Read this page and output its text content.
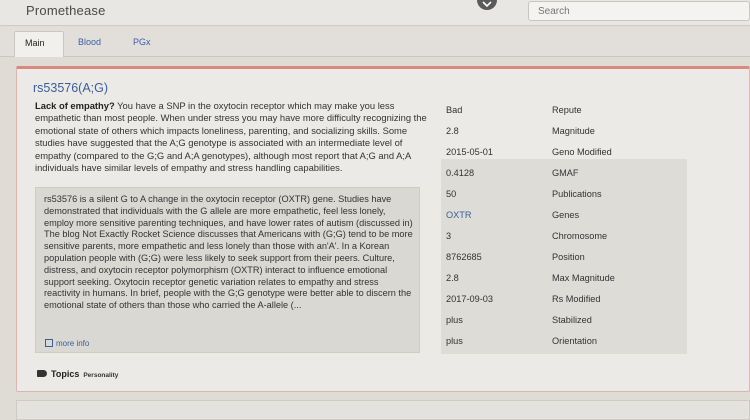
Promethease
Search
Main	Blood	PGx
rs53576(A;G)
Lack of empathy? You have a SNP in the oxytocin receptor which may make you less empathetic than most people. When under stress you may have more difficulty recognizing the emotional state of others which impacts loneliness, parenting, and socializing skills. Some studies have suggested that the A;G genotype is associated with an intermediate level of empathy (compared to the G;G and A;A genotypes), although most report that A;G and A;A individuals have similar levels of empathy and stress handling capabilities.
rs53576 is a silent G to A change in the oxytocin receptor (OXTR) gene. Studies have demonstrated that individuals with the G allele are more empathetic, feel less lonely, employ more sensitive parenting techniques, and have lower rates of autism (discussed in) The blog Not Exactly Rocket Science discusses that Americans with (G;G) tend to be more sensitive parents, more empathetic and less lonely than those with an'A'. In a Korean population people with (G;G) were less likely to seek support from their peers. Culture, distress, and oxytocin receptor polymorphism (OXTR) interact to influence emotional support seeking. Oxytocin receptor genetic variation relates to empathy and stress reactivity in humans. In brief, people with the G;G genotype were better able to discern the emotional state of others than those who carried the A-allele (...
more info
Bad	Repute
2.8	Magnitude
2015-05-01	Geno Modified
0.4128	GMAF
50	Publications
OXTR	Genes
3	Chromosome
8762685	Position
2.8	Max Magnitude
2017-09-03	Rs Modified
plus	Stabilized
plus	Orientation
Topics Personality
